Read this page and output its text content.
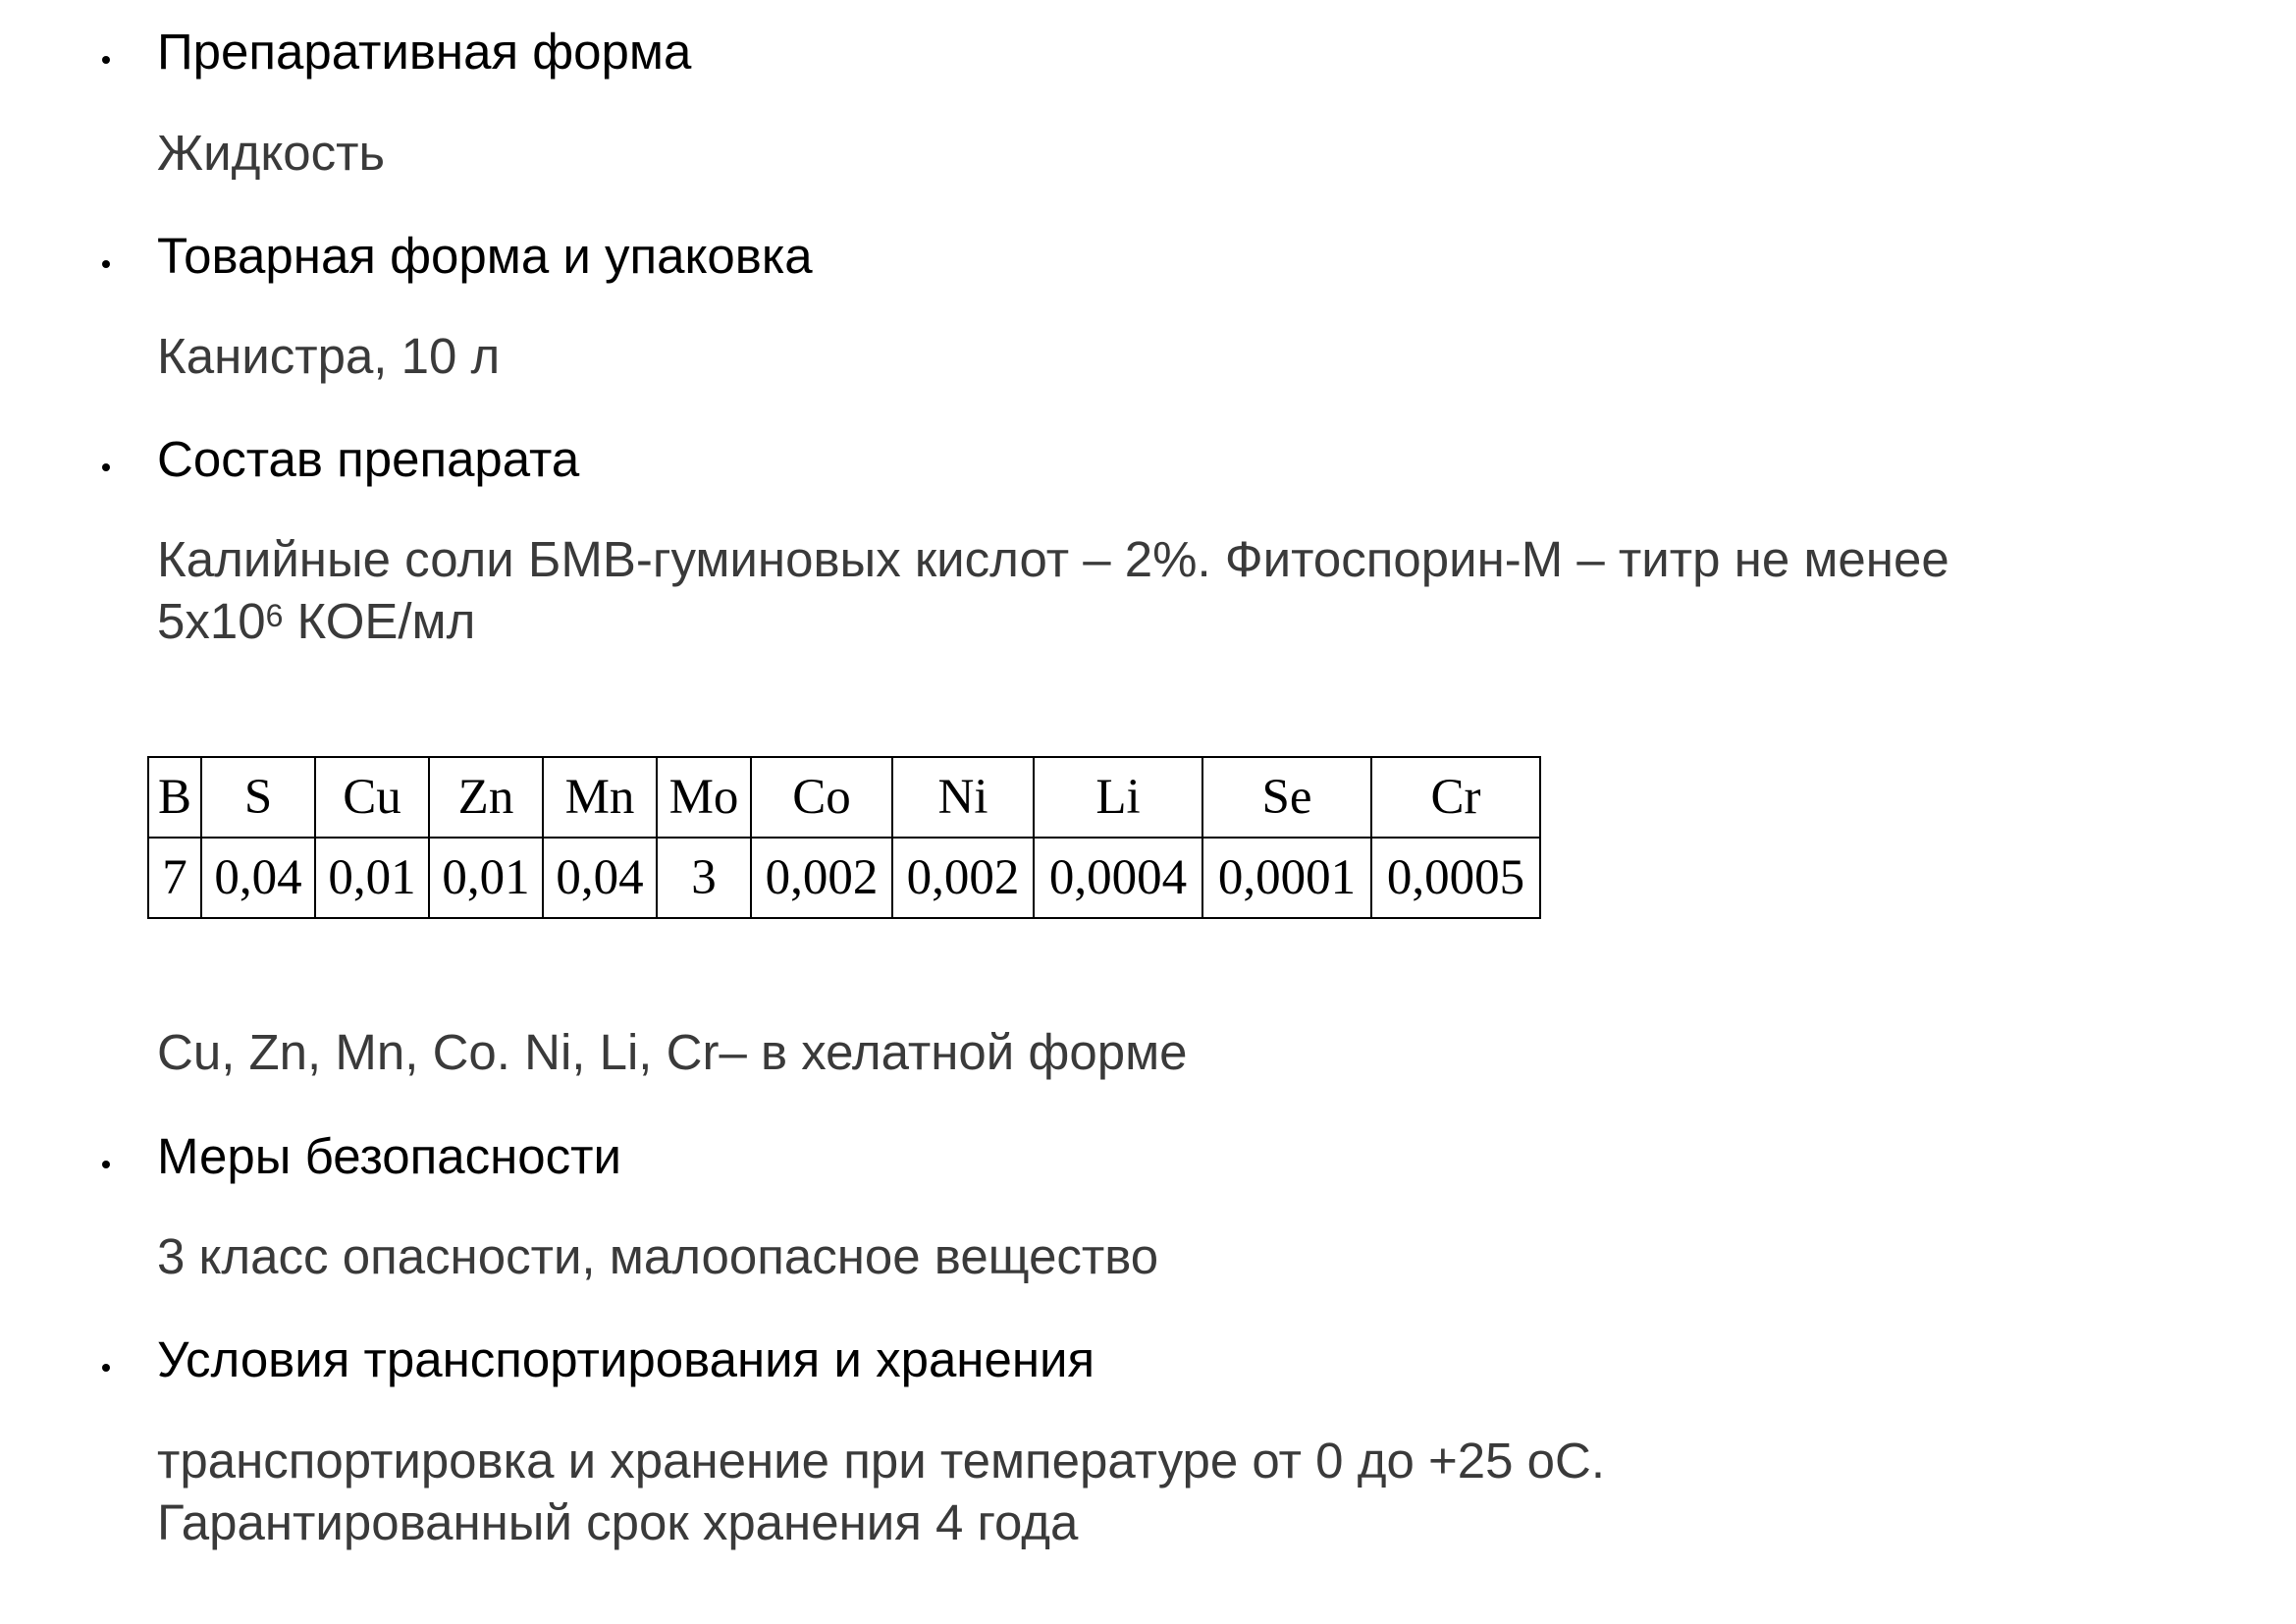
Препаративная форма
Жидкость
Товарная форма и упаковка
Канистра, 10 л
Состав препарата
Калийные соли БМВ-гуминовых кислот – 2%. Фитоспорин-М – титр не менее
$5х10^6$ КОЕ/мл
B	S	Cu	Zn	Mn	Mo	Co	Ni	Li	Se	Cr
7	0,04	0,01	0,01	0,04	3	0,002	0,002	0,0004	0,0001	0,0005
Cu, Zn, Mn, Co. Ni, Li, Cr– в хелатной форме
Меры безопасности
3 класс опасности, малоопасное вещество
Условия транспортирования и хранения
транспортировка и хранение при температуре от 0 до +25 оС.
Гарантированный срок хранения 4 года
